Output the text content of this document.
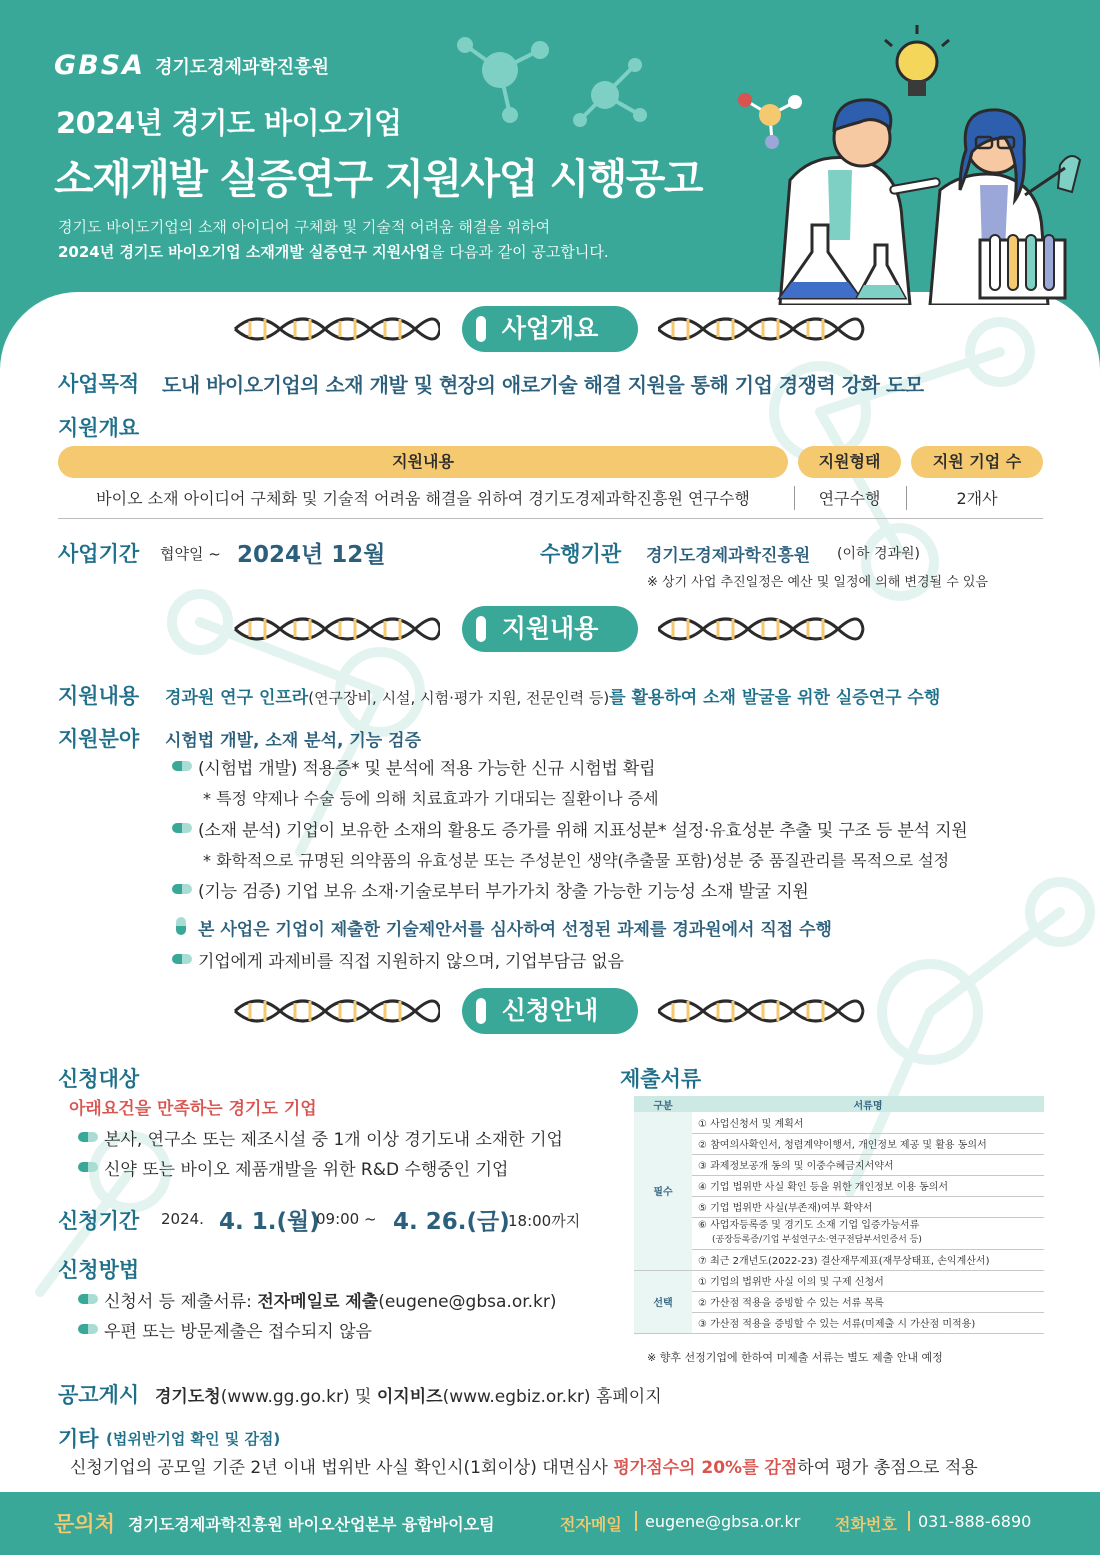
GBSA 경기도경제과학진흥원
2024년 경기도 바이오기업
소재개발 실증연구 지원사업 시행공고
경기도 바이도기업의 소재 아이디어 구체화 및 기술적 어려움 해결을 위하여
2024년 경기도 바이오기업 소재개발 실증연구 지원사업을 다음과 같이 공고합니다.
사업개요
사업목적 도내 바이오기업의 소재 개발 및 현장의 애로기술 해결 지원을 통해 기업 경쟁력 강화 도모
지원개요
지원내용	지원형태	지원 기업 수
바이오 소재 아이디어 구체화 및 기술적 어려움 해결을 위하여 경기도경제과학진흥원 연구수행	연구수행	2개사
사업기간 협약일 ~ 2024년 12월	수행기관 경기도경제과학진흥원 (이하 경과원)
※ 상기 사업 추진일정은 예산 및 일정에 의해 변경될 수 있음
지원내용
지원내용 경과원 연구 인프라(연구장비, 시설, 시험·평가 지원, 전문인력 등)를 활용하여 소재 발굴을 위한 실증연구 수행
지원분야 시험법 개발, 소재 분석, 기능 검증
(시험법 개발) 적용증* 및 분석에 적용 가능한 신규 시험법 확립
* 특정 약제나 수술 등에 의해 치료효과가 기대되는 질환이나 증세
(소재 분석) 기업이 보유한 소재의 활용도 증가를 위해 지표성분* 설정·유효성분 추출 및 구조 등 분석 지원
* 화학적으로 규명된 의약품의 유효성분 또는 주성분인 생약(추출물 포함)성분 중 품질관리를 목적으로 설정
(기능 검증) 기업 보유 소재·기술로부터 부가가치 창출 가능한 기능성 소재 발굴 지원
본 사업은 기업이 제출한 기술제안서를 심사하여 선정된 과제를 경과원에서 직접 수행
기업에게 과제비를 직접 지원하지 않으며, 기업부담금 없음
신청안내
신청대상
아래요건을 만족하는 경기도 기업
본사, 연구소 또는 제조시설 중 1개 이상 경기도내 소재한 기업
신약 또는 바이오 제품개발을 위한 R&D 수행중인 기업
신청기간 2024. 4. 1.(월)
09:00 ~ 4. 26.(금)
18:00까지
신청방법
신청서 등 제출서류: 전자메일로 제출(eugene@gbsa.or.kr)
우편 또는 방문제출은 접수되지 않음
제출서류
구분	서류명
필수	① 사업신청서 및 계획서
	② 참여의사확인서, 청렴계약이행서, 개인정보 제공 및 활용 동의서
	③ 과제정보공개 동의 및 이중수혜금지서약서
	④ 기업 법위반 사실 확인 등을 위한 개인정보 이용 동의서
	⑤ 기업 법위반 사실(부존재)여부 확약서

	⑥ 사업자등록증 및 경기도 소재 기업 입증가능서류
(공장등록증/기업 부설연구소·연구전담부서인증서 등)

	⑦ 최근 2개년도(2022-23) 결산재무제표(재무상태표, 손익계산서)
선택	① 기업의 법위반 사실 이의 및 구제 신청서
	② 가산점 적용을 증빙할 수 있는 서류 목록
	③ 가산점 적용을 증빙할 수 있는 서류(미제출 시 가산점 미적용)
※ 향후 선정기업에 한하여 미제출 서류는 별도 제출 안내 예정
공고게시 경기도청(www.gg.go.kr) 및 이지비즈(www.egbiz.or.kr) 홈페이지
기타 (법위반기업 확인 및 감점)
신청기업의 공모일 기준 2년 이내 법위반 사실 확인시(1회이상) 대면심사 평가점수의 20%를 감점하여 평가 총점으로 적용
문의처 경기도경제과학진흥원 바이오산업본부 융합바이오팀	전자메일 eugene@gbsa.or.kr 전화번호 031-888-6890
